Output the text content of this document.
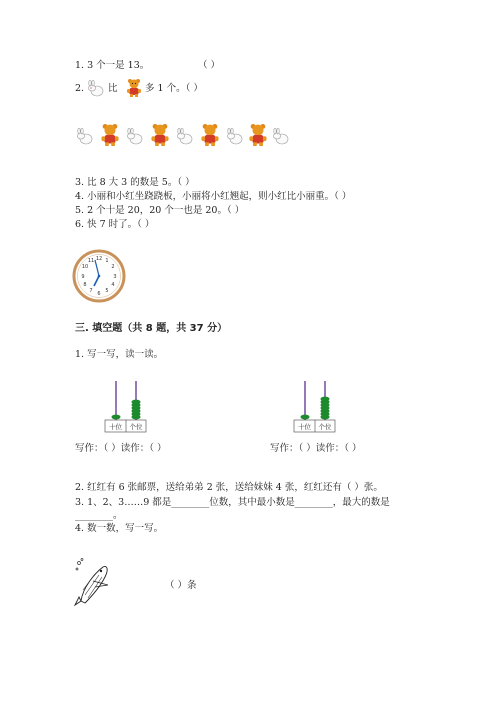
1. 3 个一是 13。	（ ）
2.	比	多 1 个。（ ）
3. 比 8 大 3 的数是 5。（ ）
4. 小丽和小红坐跷跷板，小丽将小红翘起，则小红比小丽重。（ ）
5. 2 个十是 20，20 个一也是 20。（ ）
6. 快 7 时了。（ ）
12 1
2
3
4
5
6
7
8
9
10
11
三. 填空题（共 8 题，共 37 分）
1. 写一写，读一读。
十位 个位	十位 个位
写作：（ ）读作：（ ）	写作：（ ）读作：（ ）
2. 红红有 6 张邮票，送给弟弟 2 张，送给妹妹 4 张，红红还有（ ）张。
3. 1、2、3……9 都是________位数，其中最小数是________，最大的数是
________。
4. 数一数，写一写。
（ ）条
